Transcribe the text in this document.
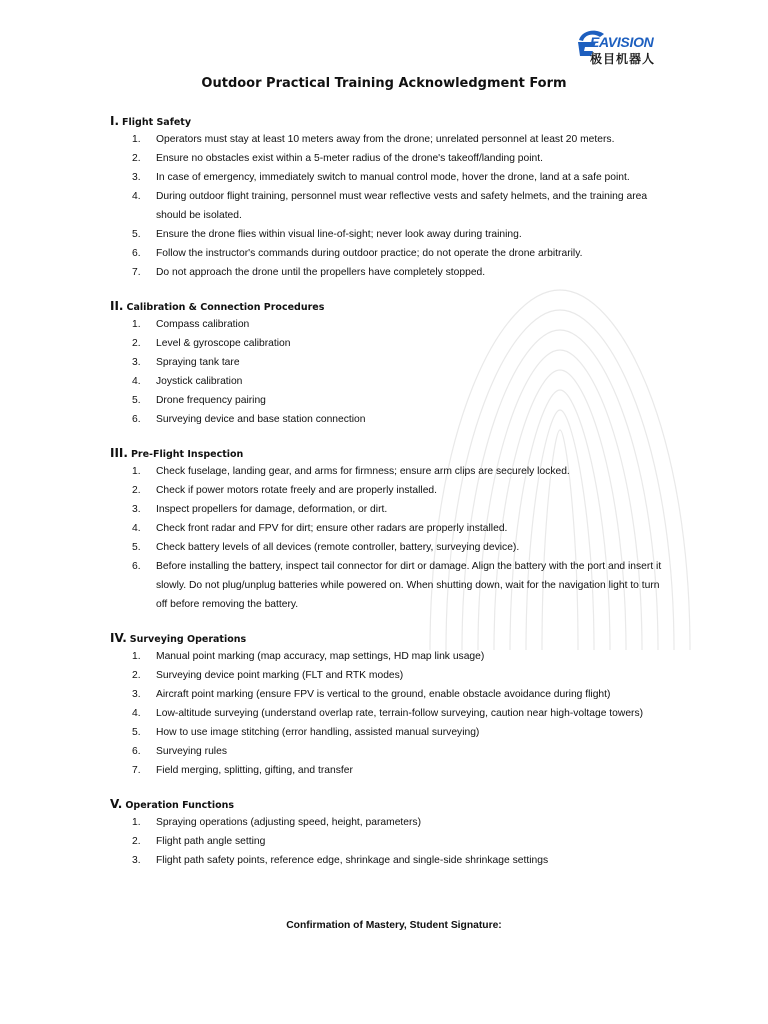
EAVISION
极目机器人
Outdoor Practical Training Acknowledgment Form
I. Flight Safety
1. Operators must stay at least 10 meters away from the drone; unrelated personnel at least 20 meters.
2. Ensure no obstacles exist within a 5-meter radius of the drone's takeoff/landing point.
3. In case of emergency, immediately switch to manual control mode, hover the drone, land at a safe point.
4. During outdoor flight training, personnel must wear reflective vests and safety helmets, and the training area should be isolated.
5. Ensure the drone flies within visual line-of-sight; never look away during training.
6. Follow the instructor's commands during outdoor practice; do not operate the drone arbitrarily.
7. Do not approach the drone until the propellers have completely stopped.
II. Calibration & Connection Procedures
1. Compass calibration
2. Level & gyroscope calibration
3. Spraying tank tare
4. Joystick calibration
5. Drone frequency pairing
6. Surveying device and base station connection
III. Pre-Flight Inspection
1. Check fuselage, landing gear, and arms for firmness; ensure arm clips are securely locked.
2. Check if power motors rotate freely and are properly installed.
3. Inspect propellers for damage, deformation, or dirt.
4. Check front radar and FPV for dirt; ensure other radars are properly installed.
5. Check battery levels of all devices (remote controller, battery, surveying device).
6. Before installing the battery, inspect tail connector for dirt or damage. Align the battery with the port and insert it slowly. Do not plug/unplug batteries while powered on. When shutting down, wait for the navigation light to turn off before removing the battery.
IV. Surveying Operations
1. Manual point marking (map accuracy, map settings, HD map link usage)
2. Surveying device point marking (FLT and RTK modes)
3. Aircraft point marking (ensure FPV is vertical to the ground, enable obstacle avoidance during flight)
4. Low-altitude surveying (understand overlap rate, terrain-follow surveying, caution near high-voltage towers)
5. How to use image stitching (error handling, assisted manual surveying)
6. Surveying rules
7. Field merging, splitting, gifting, and transfer
V. Operation Functions
1. Spraying operations (adjusting speed, height, parameters)
2. Flight path angle setting
3. Flight path safety points, reference edge, shrinkage and single-side shrinkage settings
Confirmation of Mastery, Student Signature:
